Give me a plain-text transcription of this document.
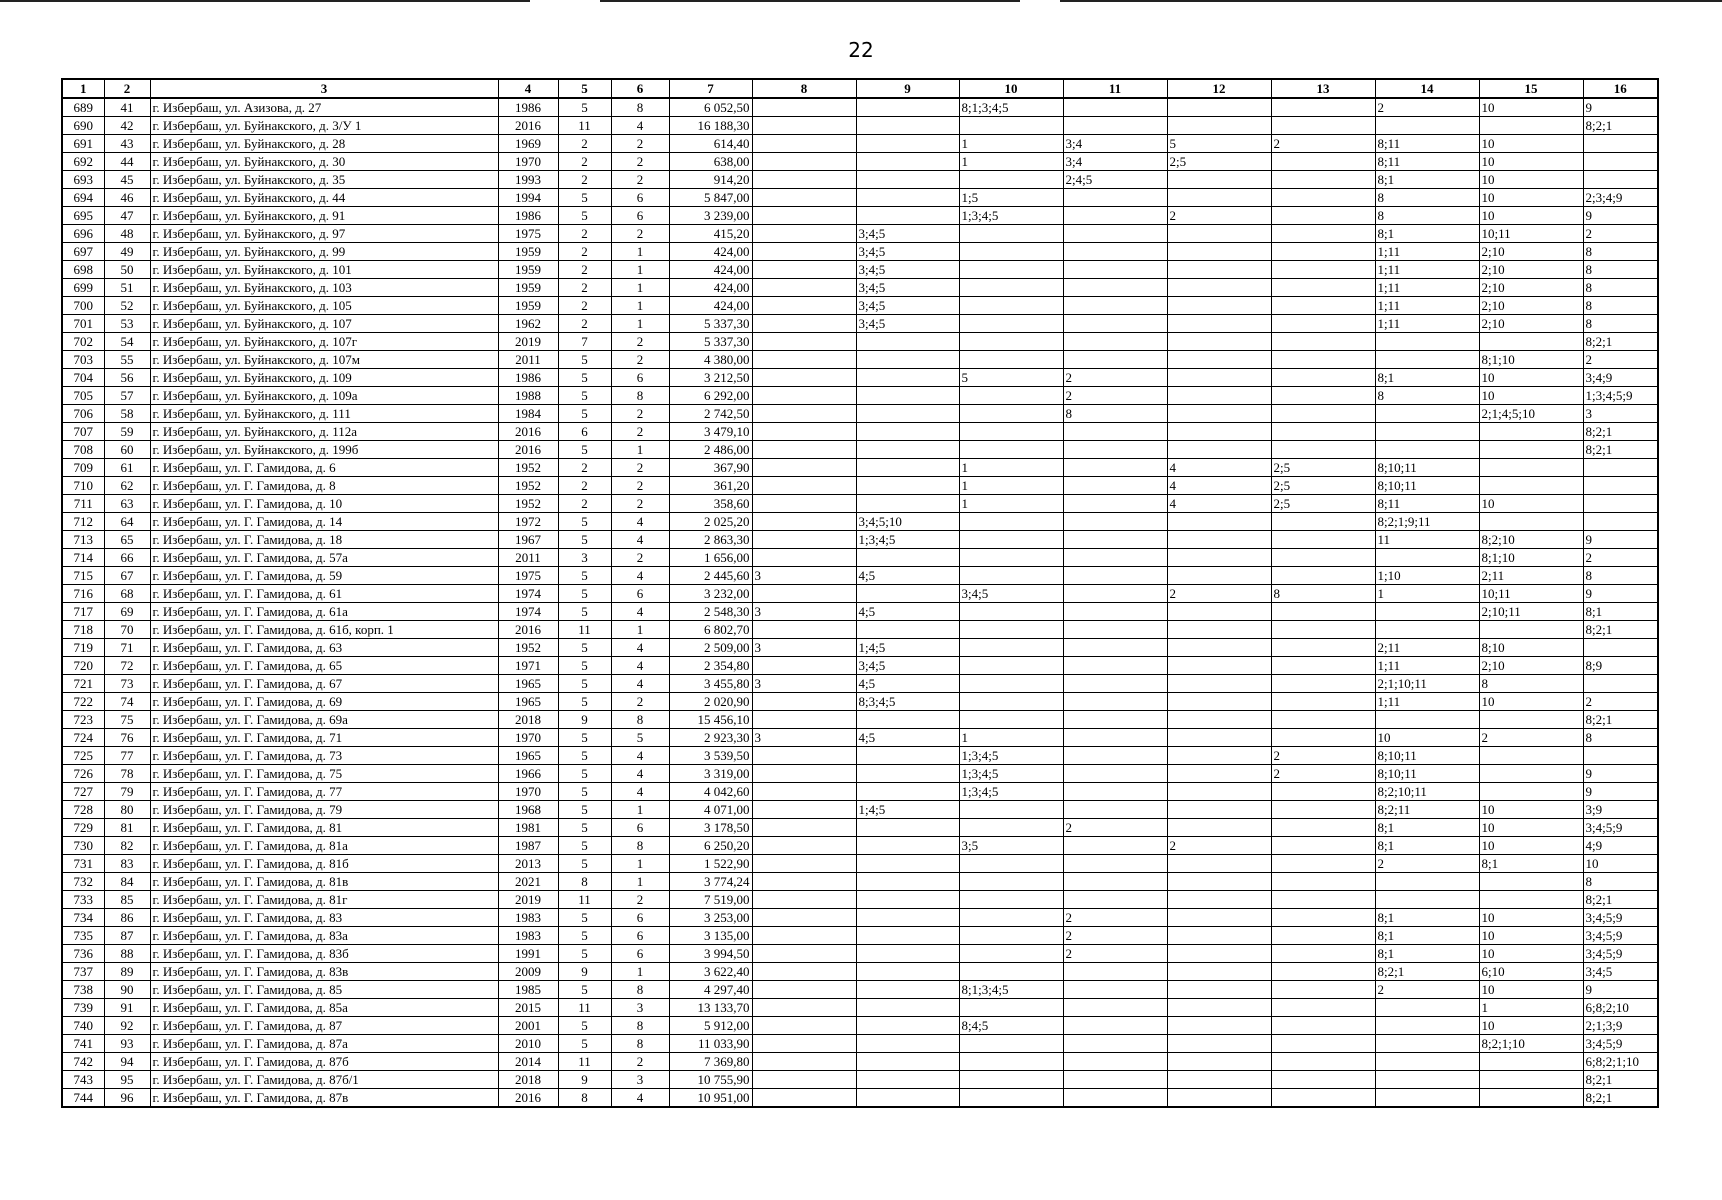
22
1	2	3	4	5	6	7	8	9	10	11	12	13	14	15	16
689	41	г. Избербаш, ул. Азизова, д. 27	1986	5	8	6 052,50			8;1;3;4;5				2	10	9
690	42	г. Избербаш, ул. Буйнакского, д. 3/У 1	2016	11	4	16 188,30									8;2;1
691	43	г. Избербаш, ул. Буйнакского, д. 28	1969	2	2	614,40			1	3;4	5	2	8;11	10	
692	44	г. Избербаш, ул. Буйнакского, д. 30	1970	2	2	638,00			1	3;4	2;5		8;11	10	
693	45	г. Избербаш, ул. Буйнакского, д. 35	1993	2	2	914,20				2;4;5			8;1	10	
694	46	г. Избербаш, ул. Буйнакского, д. 44	1994	5	6	5 847,00			1;5				8	10	2;3;4;9
695	47	г. Избербаш, ул. Буйнакского, д. 91	1986	5	6	3 239,00			1;3;4;5		2		8	10	9
696	48	г. Избербаш, ул. Буйнакского, д. 97	1975	2	2	415,20		3;4;5					8;1	10;11	2
697	49	г. Избербаш, ул. Буйнакского, д. 99	1959	2	1	424,00		3;4;5					1;11	2;10	8
698	50	г. Избербаш, ул. Буйнакского, д. 101	1959	2	1	424,00		3;4;5					1;11	2;10	8
699	51	г. Избербаш, ул. Буйнакского, д. 103	1959	2	1	424,00		3;4;5					1;11	2;10	8
700	52	г. Избербаш, ул. Буйнакского, д. 105	1959	2	1	424,00		3;4;5					1;11	2;10	8
701	53	г. Избербаш, ул. Буйнакского, д. 107	1962	2	1	5 337,30		3;4;5					1;11	2;10	8
702	54	г. Избербаш, ул. Буйнакского, д. 107г	2019	7	2	5 337,30									8;2;1
703	55	г. Избербаш, ул. Буйнакского, д. 107м	2011	5	2	4 380,00								8;1;10	2
704	56	г. Избербаш, ул. Буйнакского, д. 109	1986	5	6	3 212,50			5	2			8;1	10	3;4;9
705	57	г. Избербаш, ул. Буйнакского, д. 109а	1988	5	8	6 292,00				2			8	10	1;3;4;5;9
706	58	г. Избербаш, ул. Буйнакского, д. 111	1984	5	2	2 742,50				8				2;1;4;5;10	3
707	59	г. Избербаш, ул. Буйнакского, д. 112а	2016	6	2	3 479,10									8;2;1
708	60	г. Избербаш, ул. Буйнакского, д. 199б	2016	5	1	2 486,00									8;2;1
709	61	г. Избербаш, ул. Г. Гамидова, д. 6	1952	2	2	367,90			1		4	2;5	8;10;11		
710	62	г. Избербаш, ул. Г. Гамидова, д. 8	1952	2	2	361,20			1		4	2;5	8;10;11		
711	63	г. Избербаш, ул. Г. Гамидова, д. 10	1952	2	2	358,60			1		4	2;5	8;11	10	
712	64	г. Избербаш, ул. Г. Гамидова, д. 14	1972	5	4	2 025,20		3;4;5;10					8;2;1;9;11		
713	65	г. Избербаш, ул. Г. Гамидова, д. 18	1967	5	4	2 863,30		1;3;4;5					11	8;2;10	9
714	66	г. Избербаш, ул. Г. Гамидова, д. 57а	2011	3	2	1 656,00								8;1;10	2
715	67	г. Избербаш, ул. Г. Гамидова, д. 59	1975	5	4	2 445,60	3	4;5					1;10	2;11	8
716	68	г. Избербаш, ул. Г. Гамидова, д. 61	1974	5	6	3 232,00			3;4;5		2	8	1	10;11	9
717	69	г. Избербаш, ул. Г. Гамидова, д. 61а	1974	5	4	2 548,30	3	4;5						2;10;11	8;1
718	70	г. Избербаш, ул. Г. Гамидова, д. 61б, корп. 1	2016	11	1	6 802,70									8;2;1
719	71	г. Избербаш, ул. Г. Гамидова, д. 63	1952	5	4	2 509,00	3	1;4;5					2;11	8;10	
720	72	г. Избербаш, ул. Г. Гамидова, д. 65	1971	5	4	2 354,80		3;4;5					1;11	2;10	8;9
721	73	г. Избербаш, ул. Г. Гамидова, д. 67	1965	5	4	3 455,80	3	4;5					2;1;10;11	8	
722	74	г. Избербаш, ул. Г. Гамидова, д. 69	1965	5	2	2 020,90		8;3;4;5					1;11	10	2
723	75	г. Избербаш, ул. Г. Гамидова, д. 69а	2018	9	8	15 456,10									8;2;1
724	76	г. Избербаш, ул. Г. Гамидова, д. 71	1970	5	5	2 923,30	3	4;5	1				10	2	8
725	77	г. Избербаш, ул. Г. Гамидова, д. 73	1965	5	4	3 539,50			1;3;4;5			2	8;10;11		
726	78	г. Избербаш, ул. Г. Гамидова, д. 75	1966	5	4	3 319,00			1;3;4;5			2	8;10;11		9
727	79	г. Избербаш, ул. Г. Гамидова, д. 77	1970	5	4	4 042,60			1;3;4;5				8;2;10;11		9
728	80	г. Избербаш, ул. Г. Гамидова, д. 79	1968	5	1	4 071,00		1;4;5					8;2;11	10	3;9
729	81	г. Избербаш, ул. Г. Гамидова, д. 81	1981	5	6	3 178,50				2			8;1	10	3;4;5;9
730	82	г. Избербаш, ул. Г. Гамидова, д. 81а	1987	5	8	6 250,20			3;5		2		8;1	10	4;9
731	83	г. Избербаш, ул. Г. Гамидова, д. 81б	2013	5	1	1 522,90							2	8;1	10
732	84	г. Избербаш, ул. Г. Гамидова, д. 81в	2021	8	1	3 774,24									8
733	85	г. Избербаш, ул. Г. Гамидова, д. 81г	2019	11	2	7 519,00									8;2;1
734	86	г. Избербаш, ул. Г. Гамидова, д. 83	1983	5	6	3 253,00				2			8;1	10	3;4;5;9
735	87	г. Избербаш, ул. Г. Гамидова, д. 83а	1983	5	6	3 135,00				2			8;1	10	3;4;5;9
736	88	г. Избербаш, ул. Г. Гамидова, д. 83б	1991	5	6	3 994,50				2			8;1	10	3;4;5;9
737	89	г. Избербаш, ул. Г. Гамидова, д. 83в	2009	9	1	3 622,40							8;2;1	6;10	3;4;5
738	90	г. Избербаш, ул. Г. Гамидова, д. 85	1985	5	8	4 297,40			8;1;3;4;5				2	10	9
739	91	г. Избербаш, ул. Г. Гамидова, д. 85а	2015	11	3	13 133,70								1	6;8;2;10
740	92	г. Избербаш, ул. Г. Гамидова, д. 87	2001	5	8	5 912,00			8;4;5					10	2;1;3;9
741	93	г. Избербаш, ул. Г. Гамидова, д. 87а	2010	5	8	11 033,90								8;2;1;10	3;4;5;9
742	94	г. Избербаш, ул. Г. Гамидова, д. 87б	2014	11	2	7 369,80									6;8;2;1;10
743	95	г. Избербаш, ул. Г. Гамидова, д. 87б/1	2018	9	3	10 755,90									8;2;1
744	96	г. Избербаш, ул. Г. Гамидова, д. 87в	2016	8	4	10 951,00									8;2;1
